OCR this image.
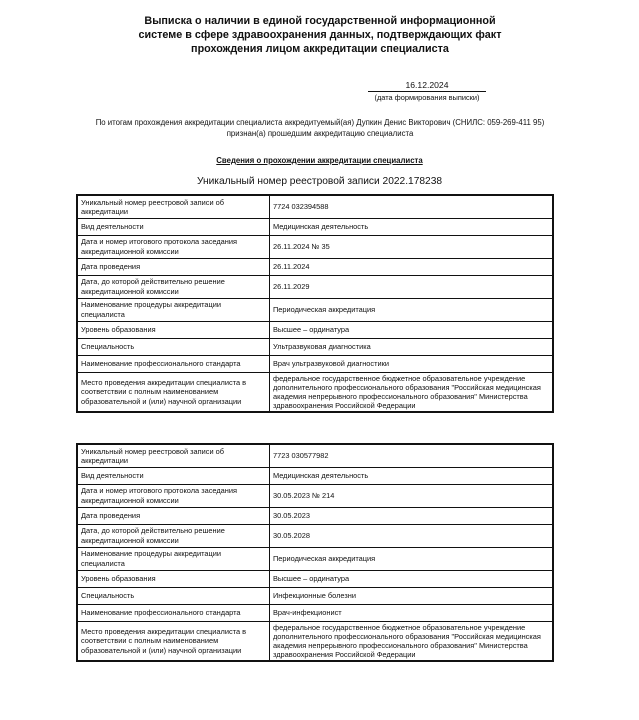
Выписка о наличии в единой государственной информационной
системе в сфере здравоохранения данных, подтверждающих факт
прохождения лицом аккредитации специалиста
16.12.2024
(дата формирования выписки)
По итогам прохождения аккредитации специалиста аккредитуемый(ая) Дупкин Денис Викторович (СНИЛС: 059-269-411 95)
признан(а) прошедшим аккредитацию специалиста
Сведения о прохождении аккредитации специалиста
Уникальный номер реестровой записи 2022.178238
Уникальный номер реестровой записи об аккредитации	7724 032394588
Вид деятельности	Медицинская деятельность
Дата и номер итогового протокола заседания аккредитационной комиссии	26.11.2024 № 35
Дата проведения	26.11.2024
Дата, до которой действительно решение аккредитационной комиссии	26.11.2029
Наименование процедуры аккредитации специалиста	Периодическая аккредитация
Уровень образования	Высшее – ординатура
Специальность	Ультразвуковая диагностика
Наименование профессионального стандарта	Врач ультразвуковой диагностики
Место проведения аккредитации специалиста в соответствии с полным наименованием образовательной и (или) научной организации	федеральное государственное бюджетное образовательное учреждение дополнительного профессионального образования "Российская медицинская академия непрерывного профессионального образования" Министерства здравоохранения Российской Федерации
Уникальный номер реестровой записи об аккредитации	7723 030577982
Вид деятельности	Медицинская деятельность
Дата и номер итогового протокола заседания аккредитационной комиссии	30.05.2023 № 214
Дата проведения	30.05.2023
Дата, до которой действительно решение аккредитационной комиссии	30.05.2028
Наименование процедуры аккредитации специалиста	Периодическая аккредитация
Уровень образования	Высшее – ординатура
Специальность	Инфекционные болезни
Наименование профессионального стандарта	Врач-инфекционист
Место проведения аккредитации специалиста в соответствии с полным наименованием образовательной и (или) научной организации	федеральное государственное бюджетное образовательное учреждение дополнительного профессионального образования "Российская медицинская академия непрерывного профессионального образования" Министерства здравоохранения Российской Федерации
